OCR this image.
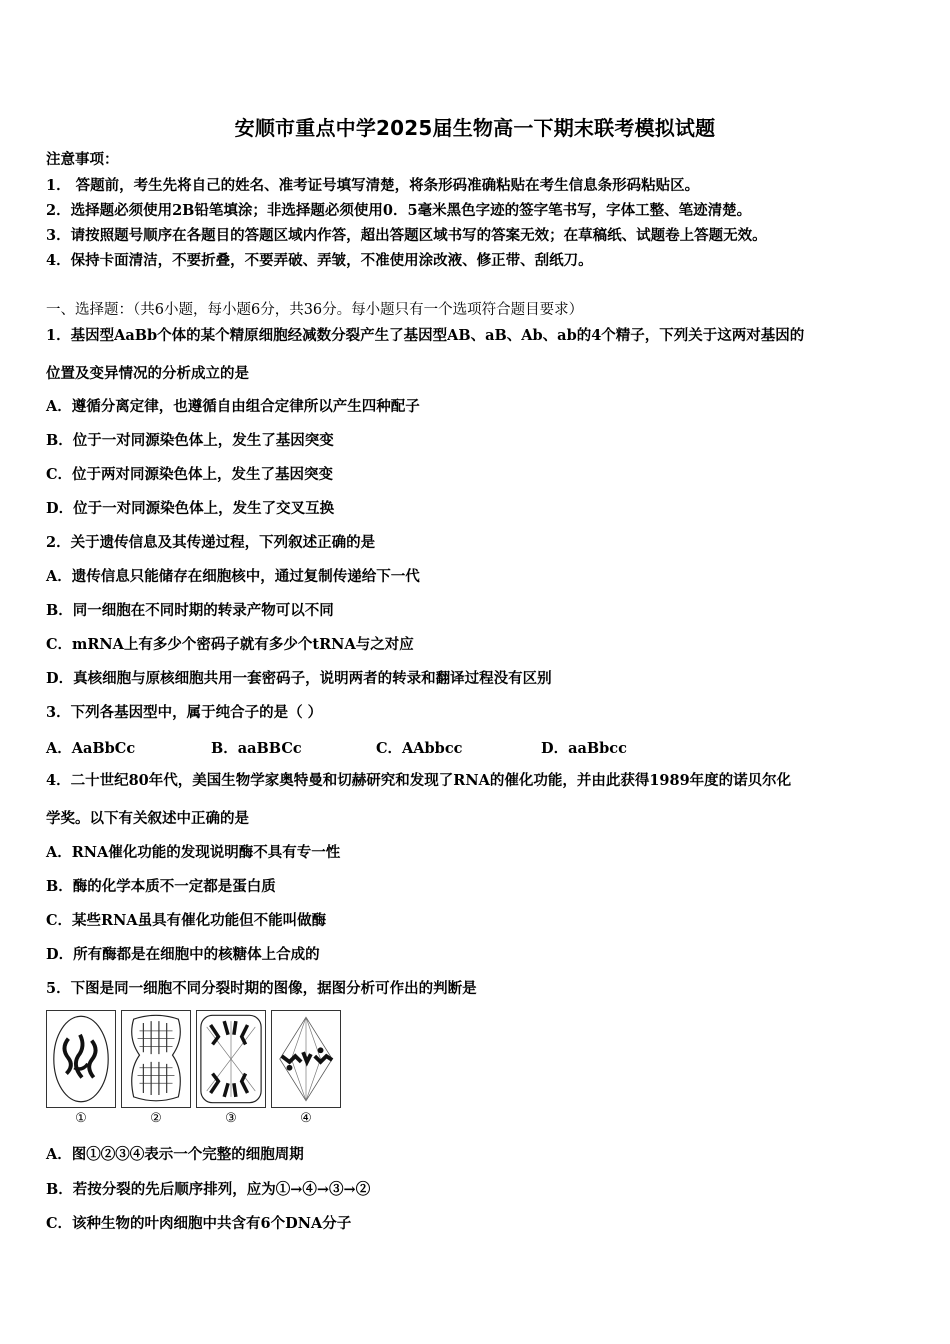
安顺市重点中学2025届生物高一下期末联考模拟试题
注意事项：
1． 答题前，考生先将自己的姓名、准考证号填写清楚，将条形码准确粘贴在考生信息条形码粘贴区。
2．选择题必须使用2B铅笔填涂；非选择题必须使用0．5毫米黑色字迹的签字笔书写，字体工整、笔迹清楚。
3．请按照题号顺序在各题目的答题区域内作答，超出答题区域书写的答案无效；在草稿纸、试题卷上答题无效。
4．保持卡面清洁，不要折叠，不要弄破、弄皱，不准使用涂改液、修正带、刮纸刀。
一、选择题：（共6小题，每小题6分，共36分。每小题只有一个选项符合题目要求）
1．基因型AaBb个体的某个精原细胞经减数分裂产生了基因型AB、aB、Ab、ab的4个精子，下列关于这两对基因的
位置及变异情况的分析成立的是
A．遵循分离定律，也遵循自由组合定律所以产生四种配子
B．位于一对同源染色体上，发生了基因突变
C．位于两对同源染色体上，发生了基因突变
D．位于一对同源染色体上，发生了交叉互换
2．关于遗传信息及其传递过程，下列叙述正确的是
A．遗传信息只能储存在细胞核中，通过复制传递给下一代
B．同一细胞在不同时期的转录产物可以不同
C．mRNA上有多少个密码子就有多少个tRNA与之对应
D．真核细胞与原核细胞共用一套密码子，说明两者的转录和翻译过程没有区别
3．下列各基因型中，属于纯合子的是（ ）
A．AaBbCc	B．aaBBCc	C．AAbbcc	D．aaBbcc
4．二十世纪80年代，美国生物学家奥特曼和切赫研究和发现了RNA的催化功能，并由此获得1989年度的诺贝尔化
学奖。以下有关叙述中正确的是
A．RNA催化功能的发现说明酶不具有专一性
B．酶的化学本质不一定都是蛋白质
C．某些RNA虽具有催化功能但不能叫做酶
D．所有酶都是在细胞中的核糖体上合成的
5．下图是同一细胞不同分裂时期的图像，据图分析可作出的判断是
①	②	③	④
A．图①②③④表示一个完整的细胞周期
B．若按分裂的先后顺序排列，应为①→④→③→②
C．该种生物的叶肉细胞中共含有6个DNA分子
